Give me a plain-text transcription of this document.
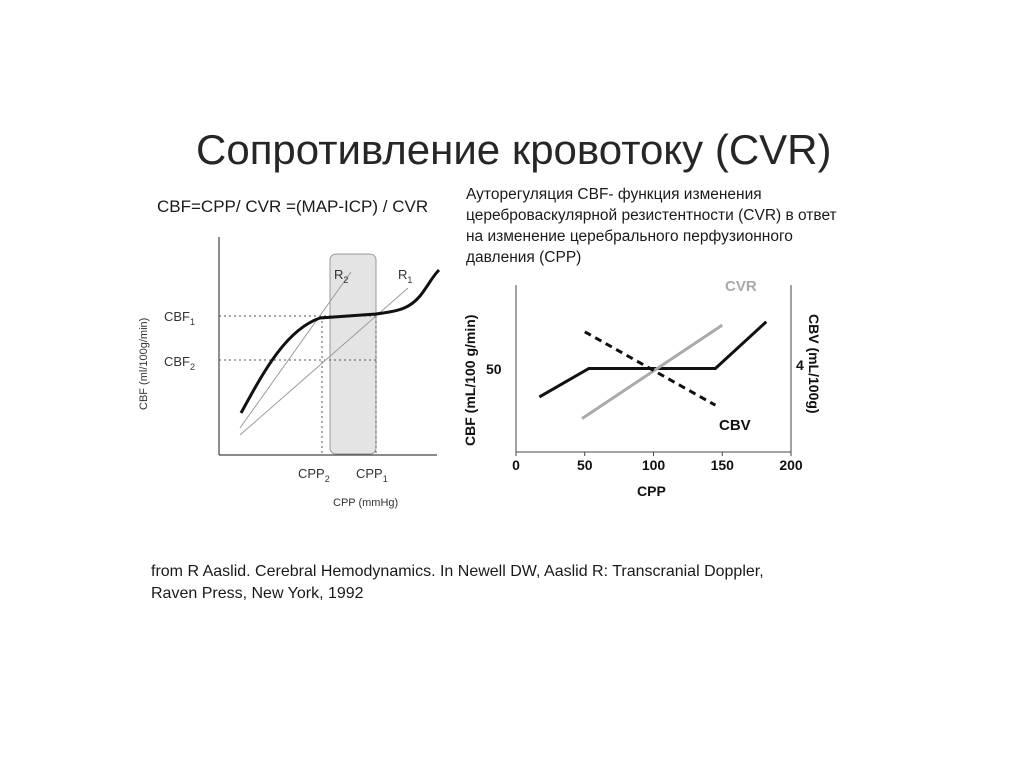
Сопротивление кровотоку (CVR)
CBF=CPP/ CVR =(MAP-ICP) / CVR
Ауторегуляция CBF- функция изменения
цереброваскулярной резистентности (CVR) в ответ
на изменение церебрального перфузионного
давления (CPP)
$CBF_1$
$CBF_2$
$CPP_2$ $CPP_1$
$R_2$	$R_1$
CPP (mmHg)
CBF (ml/100g/min)
0	50	100	150	200
50	4
CVR
CBV
CPP
CBF (mL/100 g/min)	CBV (mL/100g)
from R Aaslid. Cerebral Hemodynamics. In Newell DW, Aaslid R: Transcranial Doppler,
Raven Press, New York, 1992
